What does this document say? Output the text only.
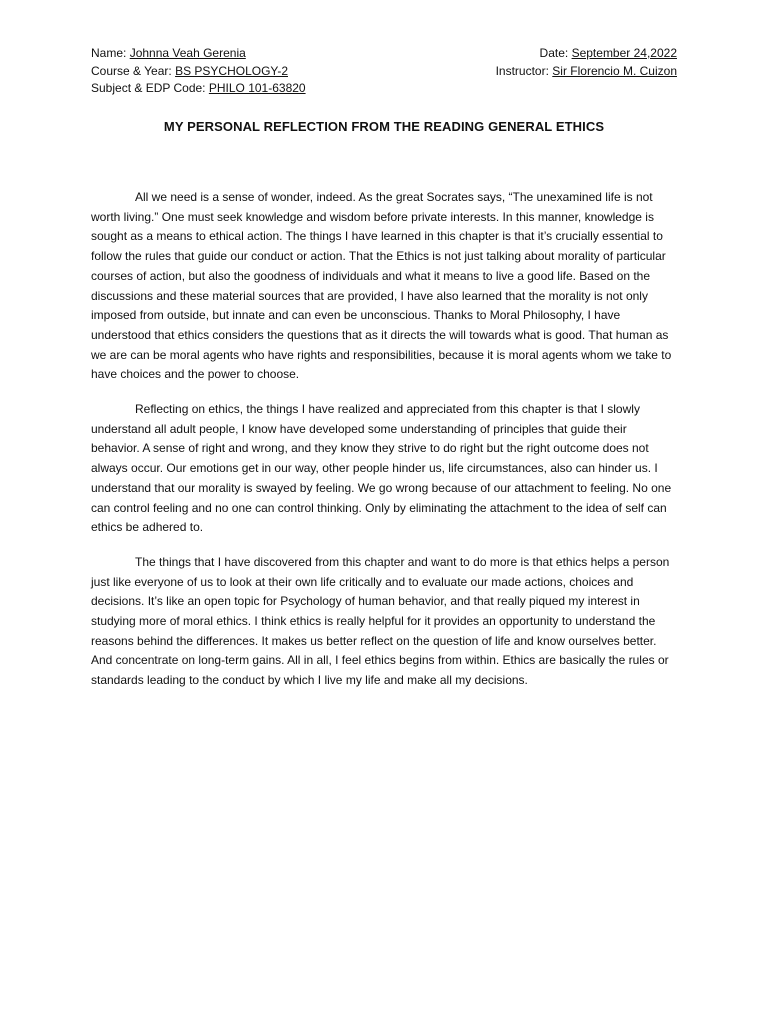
Name: Johnna Veah Gerenia	Date: September 24,2022
Course & Year: BS PSYCHOLOGY-2	Instructor: Sir Florencio M. Cuizon
Subject & EDP Code: PHILO 101-63820
MY PERSONAL REFLECTION FROM THE READING GENERAL ETHICS

All we need is a sense of wonder, indeed. As the great Socrates says, “The unexamined life is not worth living.” One must seek knowledge and wisdom before private interests. In this manner, knowledge is sought as a means to ethical action. The things I have learned in this chapter is that it’s crucially essential to follow the rules that guide our conduct or action. That the Ethics is not just talking about morality of particular courses of action, but also the goodness of individuals and what it means to live a good life. Based on the discussions and these material sources that are provided, I have also learned that the morality is not only imposed from outside, but innate and can even be unconscious. Thanks to Moral Philosophy, I have understood that ethics considers the questions that as it directs the will towards what is good. That human as we are can be moral agents who have rights and responsibilities, because it is moral agents whom we take to have choices and the power to choose.

Reflecting on ethics, the things I have realized and appreciated from this chapter is that I slowly understand all adult people, I know have developed some understanding of principles that guide their behavior. A sense of right and wrong, and they know they strive to do right but the right outcome does not always occur. Our emotions get in our way, other people hinder us, life circumstances, also can hinder us. I understand that our morality is swayed by feeling. We go wrong because of our attachment to feeling. No one can control feeling and no one can control thinking. Only by eliminating the attachment to the idea of self can ethics be adhered to.

The things that I have discovered from this chapter and want to do more is that ethics helps a person just like everyone of us to look at their own life critically and to evaluate our made actions, choices and decisions. It’s like an open topic for Psychology of human behavior, and that really piqued my interest in studying more of moral ethics. I think ethics is really helpful for it provides an opportunity to understand the reasons behind the differences. It makes us better reflect on the question of life and know ourselves better. And concentrate on long-term gains. All in all, I feel ethics begins from within. Ethics are basically the rules or standards leading to the conduct by which I live my life and make all my decisions.
